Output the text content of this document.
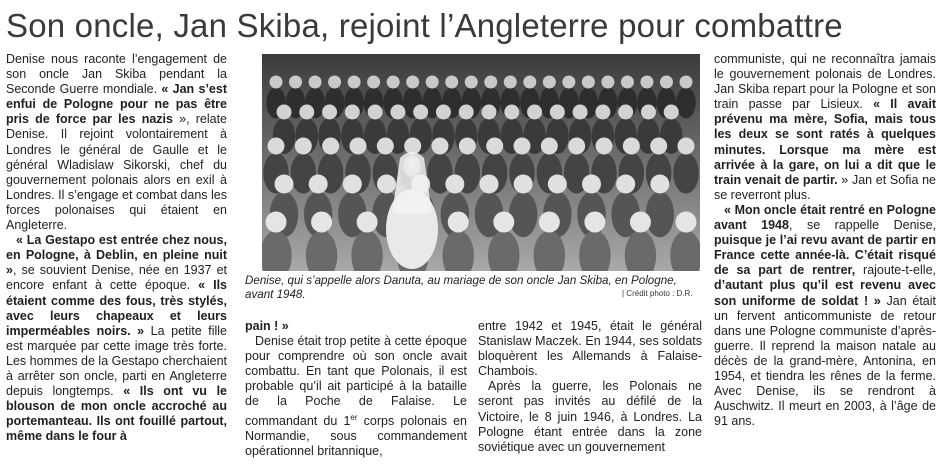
Son oncle, Jan Skiba, rejoint l’Angleterre pour combattre

Denise nous raconte l’engagement de son oncle Jan Skiba pendant la Seconde Guerre mondiale. « Jan s’est enfui de Pologne pour ne pas être pris de force par les nazis », relate Denise. Il rejoint volontairement à Londres le général de Gaulle et le général Wladislaw Sikorski, chef du gouvernement polonais alors en exil à Londres. Il s’engage et combat dans les forces polonaises qui étaient en Angleterre.

« La Gestapo est entrée chez nous, en Pologne, à Deblin, en pleine nuit », se souvient Denise, née en 1937 et encore enfant à cette époque. « Ils étaient comme des fous, très stylés, avec leurs chapeaux et leurs imperméables noirs. » La petite fille est marquée par cette image très forte. Les hommes de la Gestapo cherchaient à arrêter son oncle, parti en Angleterre depuis longtemps. « Ils ont vu le blouson de mon oncle accroché au portemanteau. Ils ont fouillé partout, même dans le four à

Denise, qui s’appelle alors Danuta, au mariage de son oncle Jan Skiba, en Pologne, avant 1948.	| Crédit photo : D.R.

pain ! »

Denise était trop petite à cette époque pour comprendre où son oncle avait combattu. En tant que Polonais, il est probable qu’il ait participé à la bataille de la Poche de Falaise. Le commandant du 1er corps polonais en Normandie, sous commandement opérationnel britannique,

entre 1942 et 1945, était le général Stanislaw Maczek. En 1944, ses soldats bloquèrent les Allemands à Falaise-Chambois.

Après la guerre, les Polonais ne seront pas invités au défilé de la Victoire, le 8 juin 1946, à Londres. La Pologne étant entrée dans la zone soviétique avec un gouvernement

communiste, qui ne reconnaîtra jamais le gouvernement polonais de Londres. Jan Skiba repart pour la Pologne et son train passe par Lisieux. « Il avait prévenu ma mère, Sofia, mais tous les deux se sont ratés à quelques minutes. Lorsque ma mère est arrivée à la gare, on lui a dit que le train venait de partir. » Jan et Sofia ne se reverront plus.

« Mon oncle était rentré en Pologne avant 1948, se rappelle Denise, puisque je l’ai revu avant de partir en France cette année-là. C’était risqué de sa part de rentrer, rajoute-t-elle, d’autant plus qu’il est revenu avec son uniforme de soldat ! » Jan était un fervent anticommuniste de retour dans une Pologne communiste d’après-guerre. Il reprend la maison natale au décès de la grand-mère, Antonina, en 1954, et tiendra les rênes de la ferme. Avec Denise, ils se rendront à Auschwitz. Il meurt en 2003, à l’âge de 91 ans.
